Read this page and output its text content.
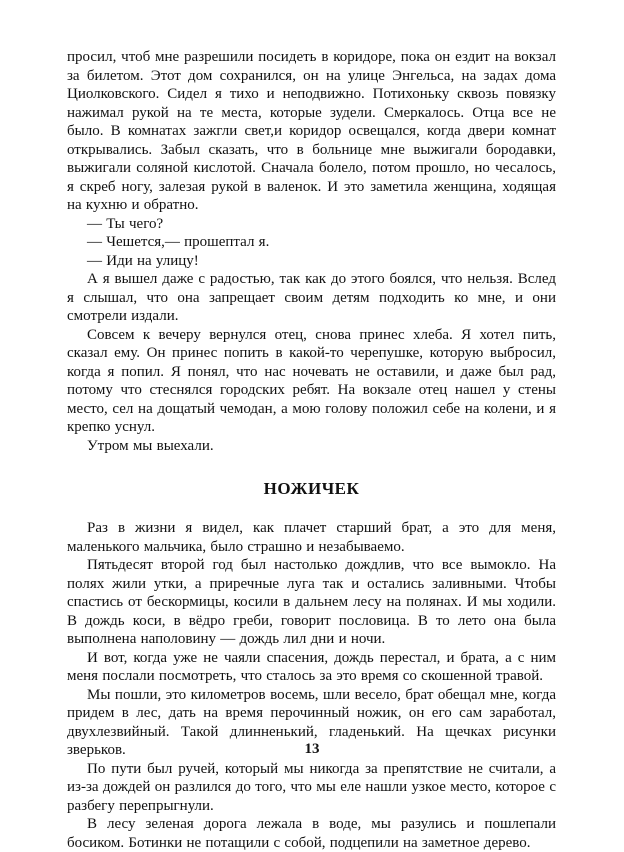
просил, чтоб мне разрешили посидеть в коридоре, пока он ездит на вокзал за билетом. Этот дом сохранился, он на улице Энгельса, на задах дома Циолковского. Сидел я тихо и неподвижно. Потихоньку сквозь повязку нажимал рукой на те места, которые зудели. Смеркалось. Отца все не было. В комнатах зажгли свет,и коридор освещался, когда двери комнат открывались. Забыл сказать, что в больнице мне выжигали бородавки, выжигали соляной кислотой. Сначала болело, потом прошло, но чесалось, я скреб ногу, залезая рукой в валенок. И это заметила женщина, ходящая на кухню и обратно.

— Ты чего?

— Чешется,— прошептал я.

— Иди на улицу!

А я вышел даже с радостью, так как до этого боялся, что нельзя. Вслед я слышал, что она запрещает своим детям подходить ко мне, и они смотрели издали.

Совсем к вечеру вернулся отец, снова принес хлеба. Я хотел пить, сказал ему. Он принес попить в какой-то черепушке, которую выбросил, когда я попил. Я понял, что нас ночевать не оставили, и даже был рад, потому что стеснялся городских ребят. На вокзале отец нашел у стены место, сел на дощатый чемодан, а мою голову положил себе на колени, и я крепко уснул.

Утром мы выехали.

НОЖИЧЕК

Раз в жизни я видел, как плачет старший брат, а это для меня, маленького мальчика, было страшно и незабываемо.

Пятьдесят второй год был настолько дождлив, что все вымокло. На полях жили утки, а приречные луга так и остались заливными. Чтобы спастись от бескормицы, косили в дальнем лесу на полянах. И мы ходили. В дождь коси, в вёдро греби, говорит пословица. В то лето она была выполнена наполовину — дождь лил дни и ночи.

И вот, когда уже не чаяли спасения, дождь перестал, и брата, а с ним меня послали посмотреть, что сталось за это время со скошенной травой.

Мы пошли, это километров восемь, шли весело, брат обещал мне, когда придем в лес, дать на время перочинный ножик, он его сам заработал, двухлезвийный. Такой длинненький, гладенький. На щечках рисунки зверьков.

По пути был ручей, который мы никогда за препятствие не считали, а из-за дождей он разлился до того, что мы еле нашли узкое место, которое с разбегу перепрыгнули.

В лесу зеленая дорога лежала в воде, мы разулись и пошлепали босиком. Ботинки не потащили с собой, подцепили на заметное дерево.

13
